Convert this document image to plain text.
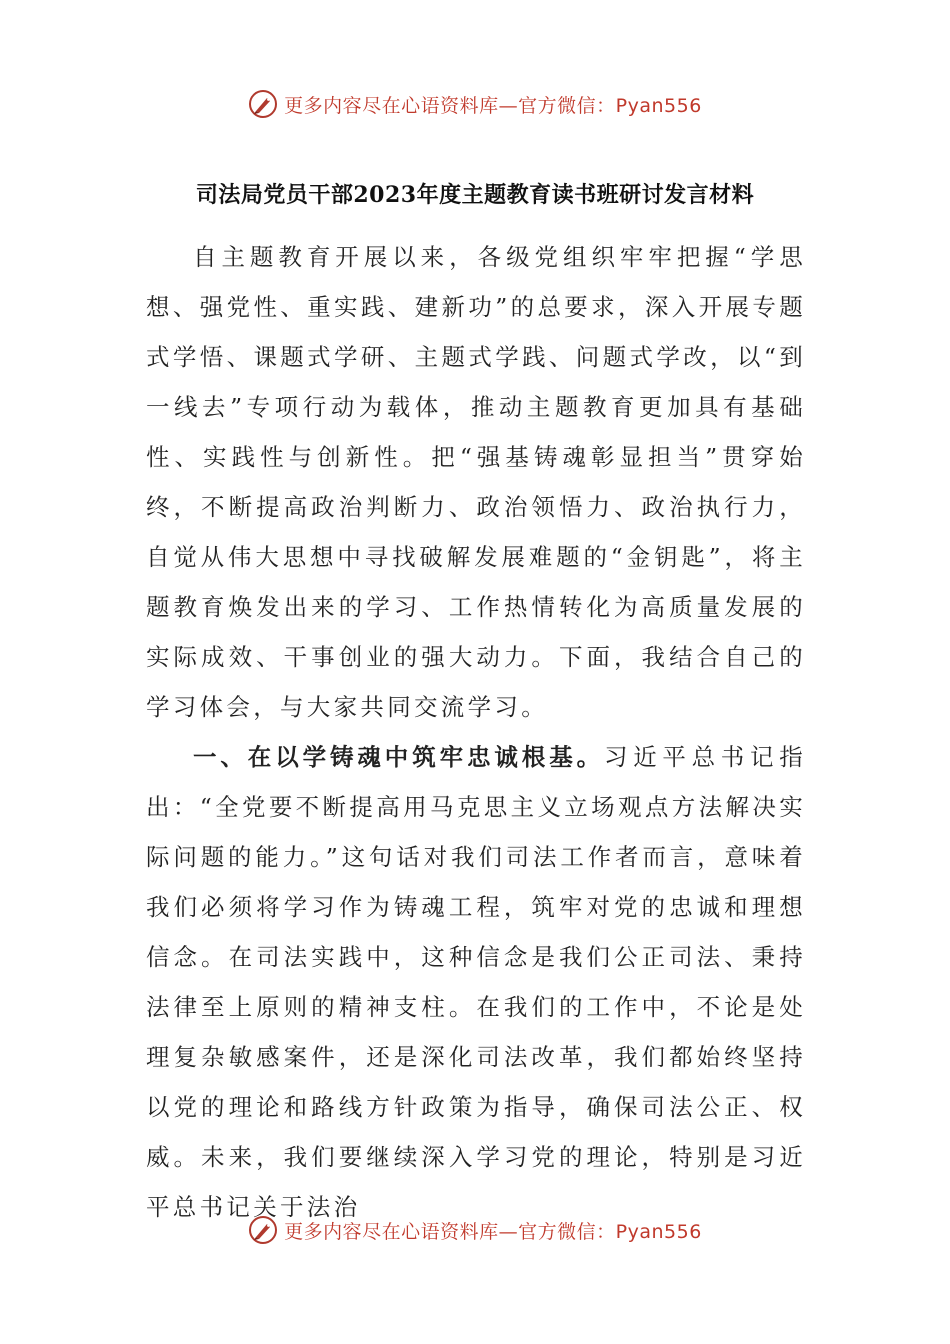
更多内容尽在心语资料库—官方微信：Pyan556
司法局党员干部2023年度主题教育读书班研讨发言材料

自主题教育开展以来，各级党组织牢牢把握“学思想、强党性、重实践、建新功”的总要求，深入开展专题式学悟、课题式学研、主题式学践、问题式学改，以“到一线去”专项行动为载体，推动主题教育更加具有基础性、实践性与创新性。把“强基铸魂彰显担当”贯穿始终，不断提高政治判断力、政治领悟力、政治执行力，自觉从伟大思想中寻找破解发展难题的“金钥匙”，将主题教育焕发出来的学习、工作热情转化为高质量发展的实际成效、干事创业的强大动力。下面，我结合自己的学习体会，与大家共同交流学习。

一、在以学铸魂中筑牢忠诚根基。习近平总书记指出：“全党要不断提高用马克思主义立场观点方法解决实际问题的能力。”这句话对我们司法工作者而言，意味着我们必须将学习作为铸魂工程，筑牢对党的忠诚和理想信念。在司法实践中，这种信念是我们公正司法、秉持法律至上原则的精神支柱。在我们的工作中，不论是处理复杂敏感案件，还是深化司法改革，我们都始终坚持以党的理论和路线方针政策为指导，确保司法公正、权威。未来，我们要继续深入学习党的理论，特别是习近平总书记关于法治

更多内容尽在心语资料库—官方微信：Pyan556
